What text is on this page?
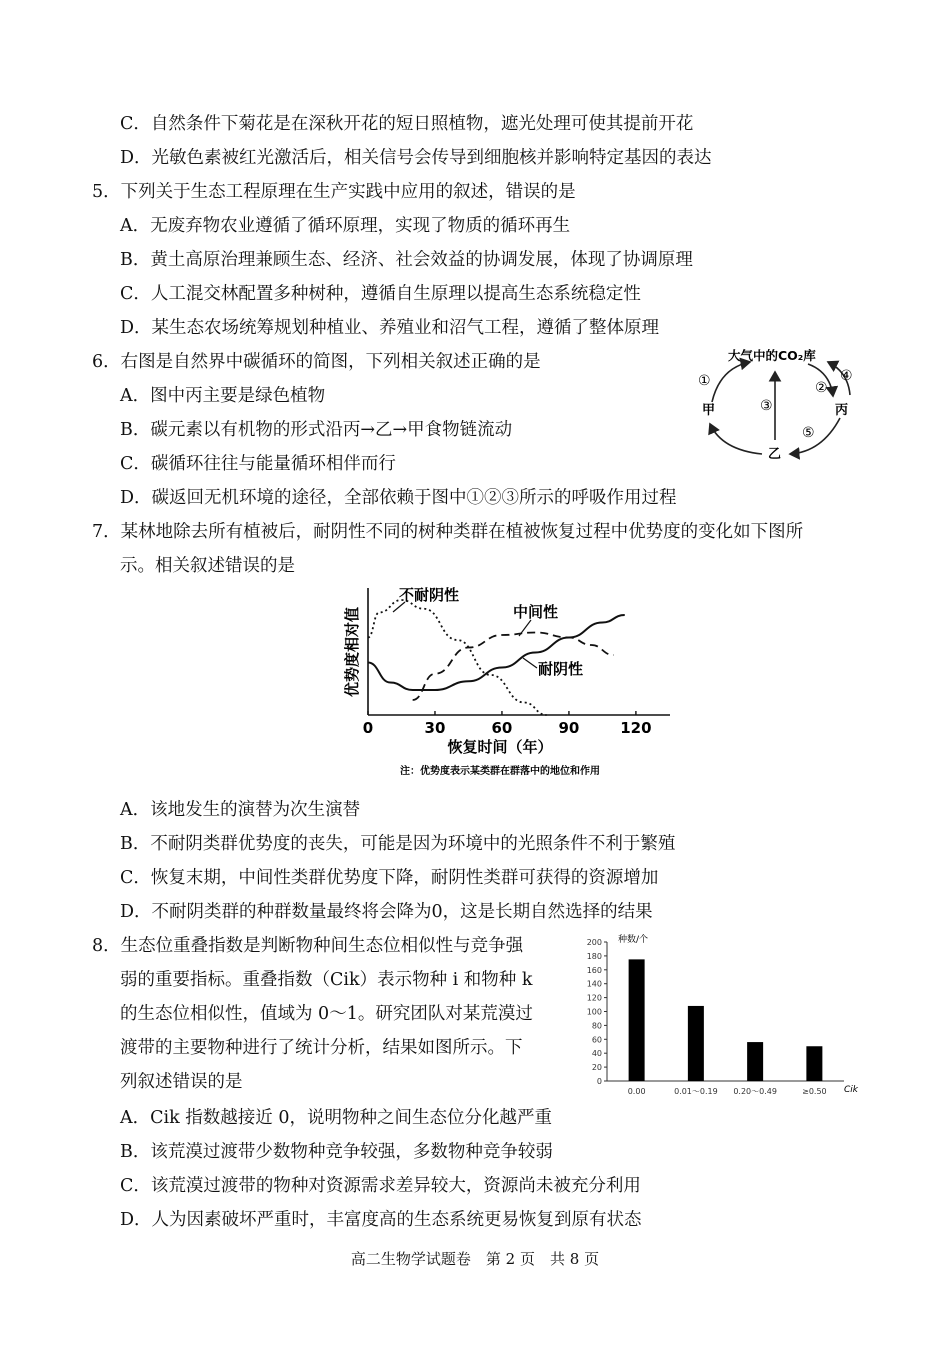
C．自然条件下菊花是在深秋开花的短日照植物，遮光处理可使其提前开花
D．光敏色素被红光激活后，相关信号会传导到细胞核并影响特定基因的表达
5．下列关于生态工程原理在生产实践中应用的叙述，错误的是
A．无废弃物农业遵循了循环原理，实现了物质的循环再生
B．黄土高原治理兼顾生态、经济、社会效益的协调发展，体现了协调原理
C．人工混交林配置多种树种，遵循自生原理以提高生态系统稳定性
D．某生态农场统筹规划种植业、养殖业和沼气工程，遵循了整体原理
6．右图是自然界中碳循环的简图，下列相关叙述正确的是
A．图中丙主要是绿色植物
B．碳元素以有机物的形式沿丙→乙→甲食物链流动
C．碳循环往往与能量循环相伴而行
D．碳返回无机环境的途径，全部依赖于图中①②③所示的呼吸作用过程
大气中的CO₂库
①	②
④
③
⑤
甲	丙
乙
7．某林地除去所有植被后，耐阴性不同的树种类群在植被恢复过程中优势度的变化如下图所
示。相关叙述错误的是
优势度相对值
恢复时间（年）
注：优势度表示某类群在群落中的地位和作用
0	30	60	90	120
不耐阴性
中间性
耐阴性
A．该地发生的演替为次生演替
B．不耐阴类群优势度的丧失，可能是因为环境中的光照条件不利于繁殖
C．恢复末期，中间性类群优势度下降，耐阴性类群可获得的资源增加
D．不耐阴类群的种群数量最终将会降为0，这是长期自然选择的结果
8．生态位重叠指数是判断物种间生态位相似性与竞争强
弱的重要指标。重叠指数（Cik）表示物种 i 和物种 k
的生态位相似性，值域为 0～1。研究团队对某荒漠过
渡带的主要物种进行了统计分析，结果如图所示。下
列叙述错误的是
种数/个
Cik
0
20
40
60
80
100
120
140
160
180
200
0.00	0.01～0.19 0.20～0.49	≥0.50
A．Cik 指数越接近 0，说明物种之间生态位分化越严重
B．该荒漠过渡带少数物种竞争较强，多数物种竞争较弱
C．该荒漠过渡带的物种对资源需求差异较大，资源尚未被充分利用
D．人为因素破坏严重时，丰富度高的生态系统更易恢复到原有状态
高二生物学试题卷　第 2 页　共 8 页
